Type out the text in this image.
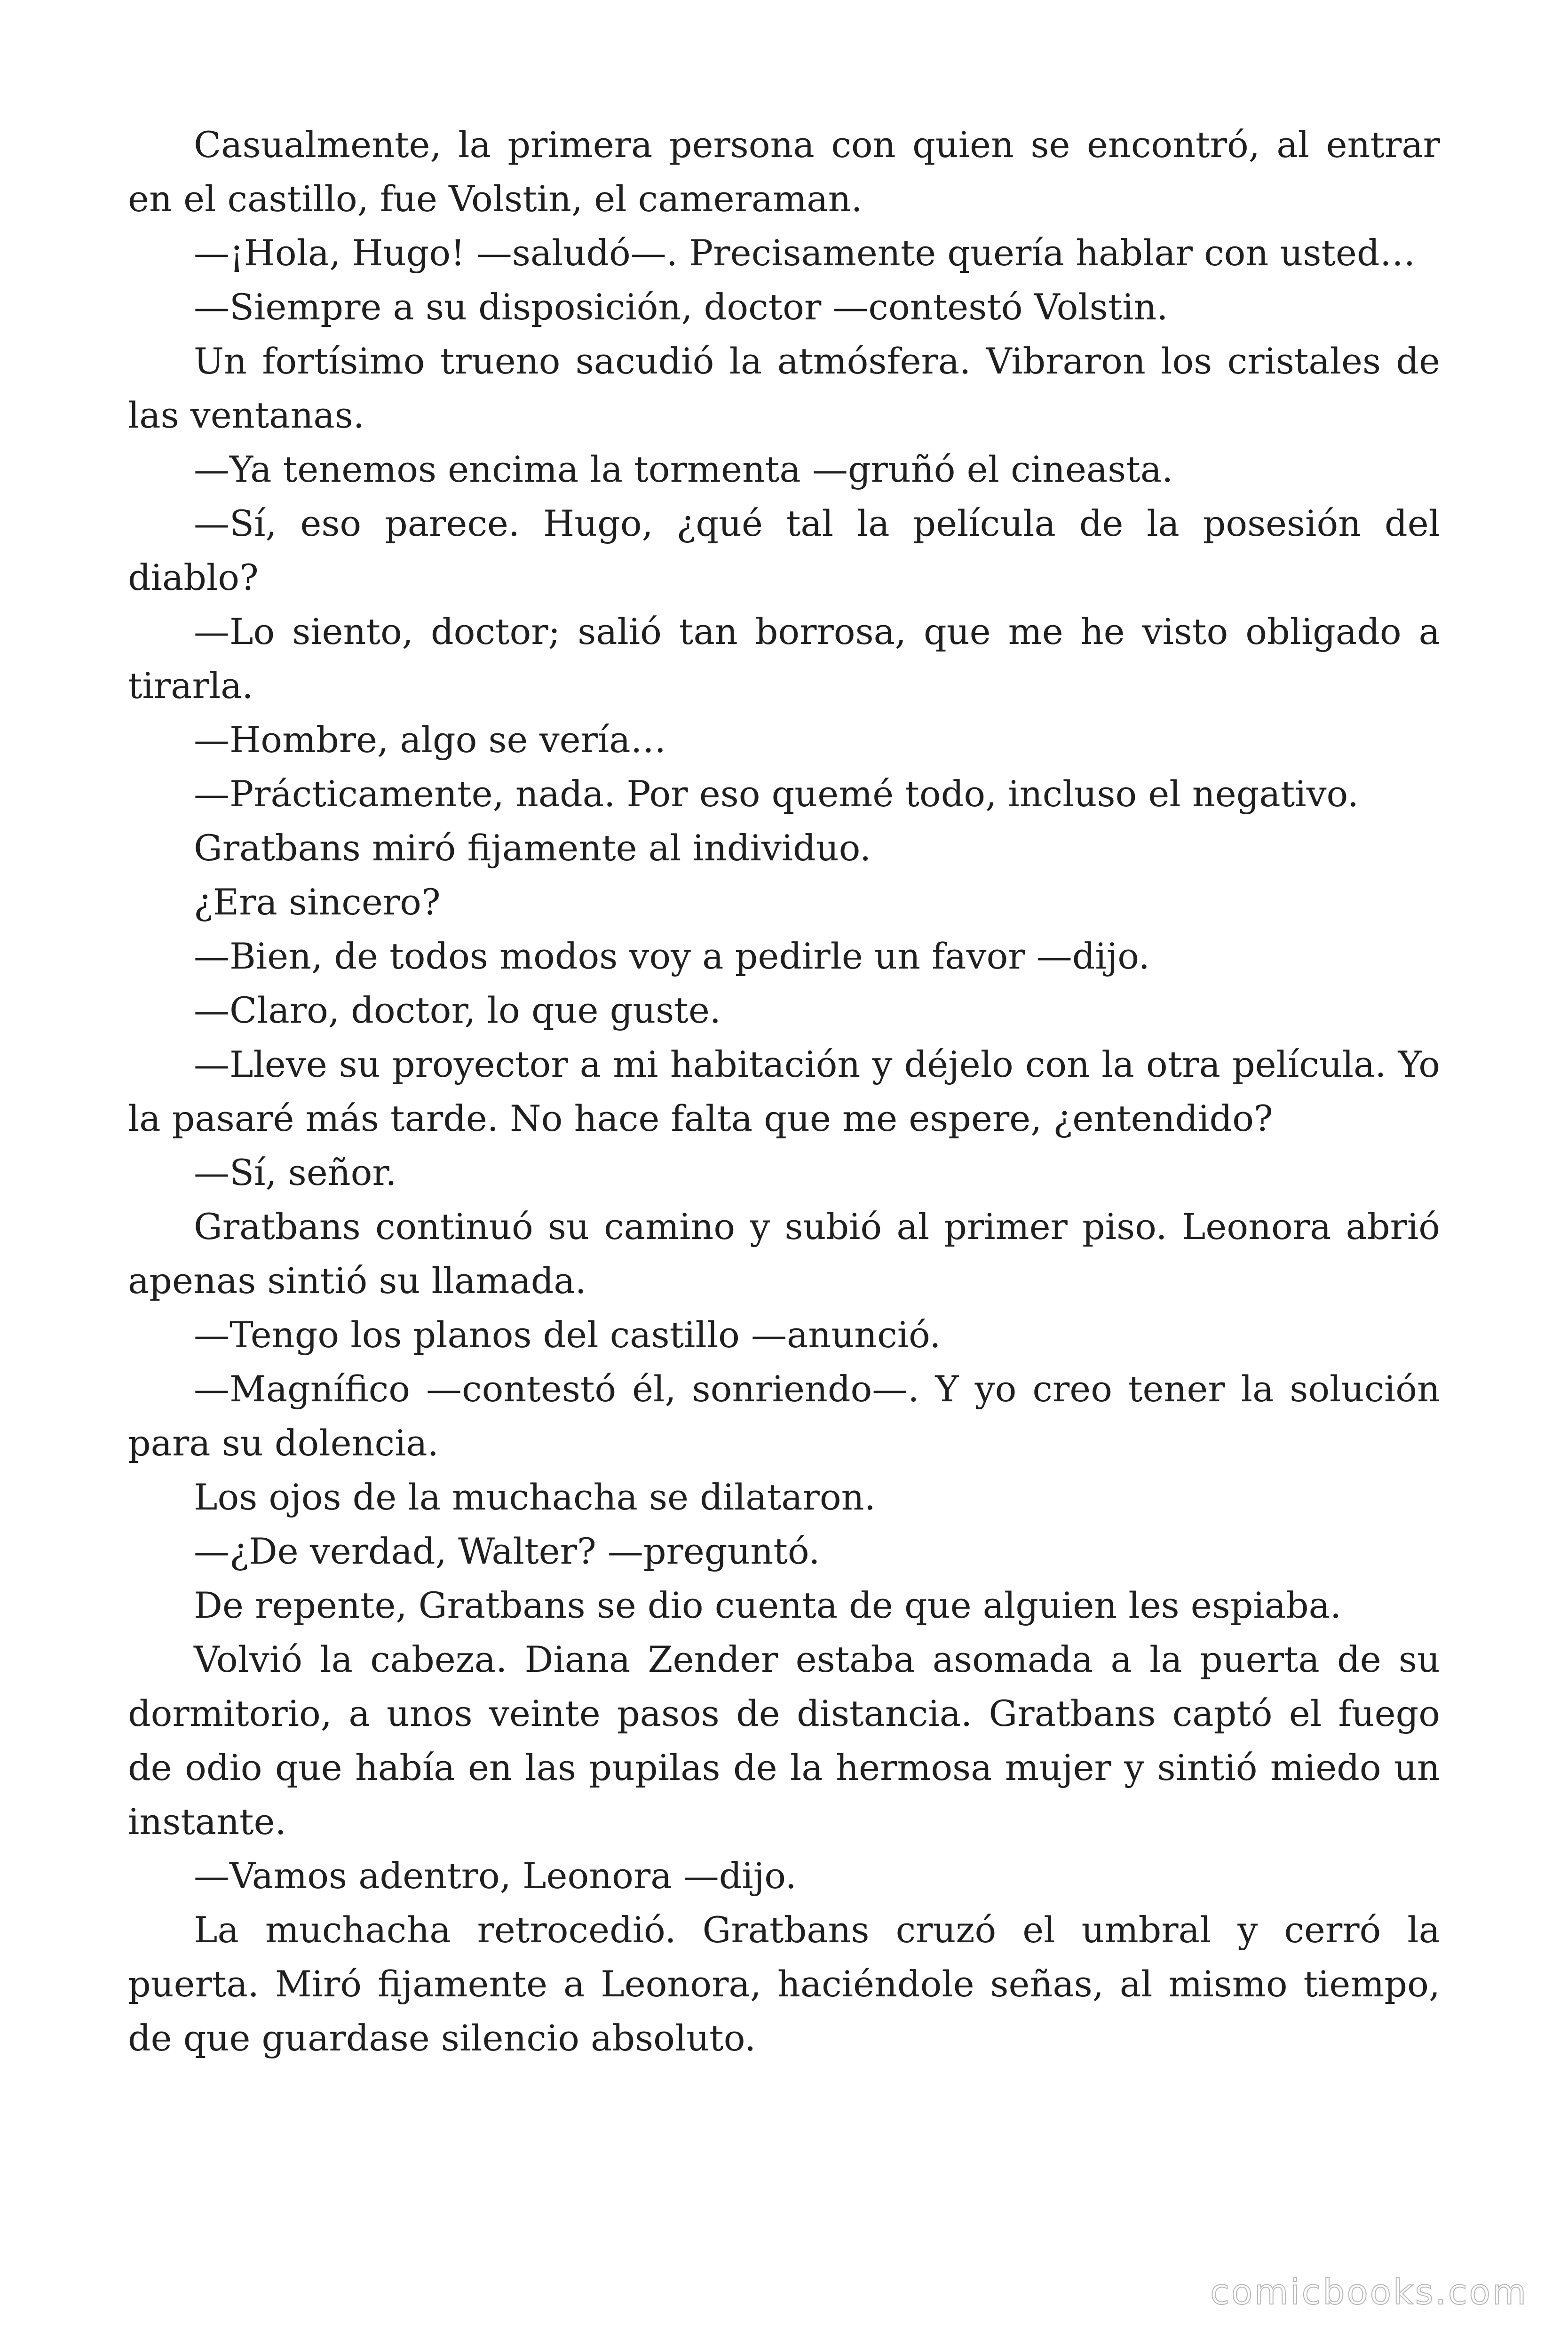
Casualmente, la primera persona con quien se encontró, al entrar en el castillo, fue Volstin, el cameraman.

—¡Hola, Hugo! —saludó—. Precisamente quería hablar con usted…

—Siempre a su disposición, doctor —contestó Volstin.

Un fortísimo trueno sacudió la atmósfera. Vibraron los cristales de las ventanas.

—Ya tenemos encima la tormenta —gruñó el cineasta.

—Sí, eso parece. Hugo, ¿qué tal la película de la posesión del diablo?

—Lo siento, doctor; salió tan borrosa, que me he visto obligado a tirarla.

—Hombre, algo se vería…

—Prácticamente, nada. Por eso quemé todo, incluso el negativo.

Gratbans miró fijamente al individuo.

¿Era sincero?

—Bien, de todos modos voy a pedirle un favor —dijo.

—Claro, doctor, lo que guste.

—Lleve su proyector a mi habitación y déjelo con la otra película. Yo la pasaré más tarde. No hace falta que me espere, ¿entendido?

—Sí, señor.

Gratbans continuó su camino y subió al primer piso. Leonora abrió apenas sintió su llamada.

—Tengo los planos del castillo —anunció.

—Magnífico —contestó él, sonriendo—. Y yo creo tener la solución para su dolencia.

Los ojos de la muchacha se dilataron.

—¿De verdad, Walter? —preguntó.

De repente, Gratbans se dio cuenta de que alguien les espiaba.

Volvió la cabeza. Diana Zender estaba asomada a la puerta de su dormitorio, a unos veinte pasos de distancia. Gratbans captó el fuego de odio que había en las pupilas de la hermosa mujer y sintió miedo un instante.

—Vamos adentro, Leonora —dijo.

La muchacha retrocedió. Gratbans cruzó el umbral y cerró la puerta. Miró fijamente a Leonora, haciéndole señas, al mismo tiempo, de que guardase silencio absoluto.

comicbooks.com
